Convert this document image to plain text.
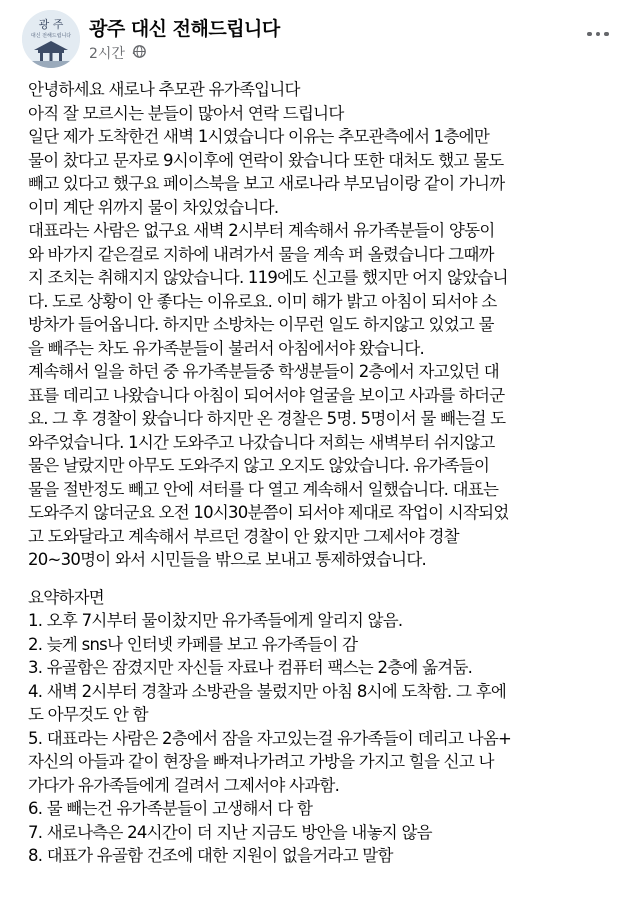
광 주
대신 전해드립니다 광주 대신 전해드립니다
2시간 ·
안녕하세요 새로나 추모관 유가족입니다
아직 잘 모르시는 분들이 많아서 연락 드립니다
일단 제가 도착한건 새벽 1시였습니다 이유는 추모관측에서 1층에만
물이 찼다고 문자로 9시이후에 연락이 왔습니다 또한 대처도 했고 물도
빼고 있다고 했구요 페이스북을 보고 새로나라 부모님이랑 같이 가니까
이미 계단 위까지 물이 차있었습니다.
대표라는 사람은 없구요 새벽 2시부터 계속해서 유가족분들이 양동이
와 바가지 같은걸로 지하에 내려가서 물을 계속 퍼 올렸습니다 그때까
지 조치는 취해지지 않았습니다. 119에도 신고를 했지만 어지 않았습니
다. 도로 상황이 안 좋다는 이유로요. 이미 해가 밝고 아침이 되서야 소
방차가 들어옵니다. 하지만 소방차는 이무런 일도 하지않고 있었고 물
을 빼주는 차도 유가족분들이 불러서 아침에서야 왔습니다.
계속해서 일을 하던 중 유가족분들중 학생분들이 2층에서 자고있던 대
표를 데리고 나왔습니다 아침이 되어서야 얼굴을 보이고 사과를 하더군
요. 그 후 경찰이 왔습니다 하지만 온 경찰은 5명. 5명이서 물 빼는걸 도
와주었습니다. 1시간 도와주고 나갔습니다 저희는 새벽부터 쉬지않고
물은 날랐지만 아무도 도와주지 않고 오지도 않았습니다. 유가족들이
물을 절반정도 빼고 안에 셔터를 다 열고 계속해서 일했습니다. 대표는
도와주지 않더군요 오전 10시30분쯤이 되서야 제대로 작업이 시작되었
고 도와달라고 계속해서 부르던 경찰이 안 왔지만 그제서야 경찰
20~30명이 와서 시민들을 밖으로 보내고 통제하였습니다.
요약하자면
1. 오후 7시부터 물이찼지만 유가족들에게 알리지 않음.
2. 늦게 sns나 인터넷 카페를 보고 유가족들이 감
3. 유골함은 잠겼지만 자신들 자료나 컴퓨터 팩스는 2층에 옮겨둠.
4. 새벽 2시부터 경찰과 소방관을 불렀지만 아침 8시에 도착함. 그 후에
도 아무것도 안 함
5. 대표라는 사람은 2층에서 잠을 자고있는걸 유가족들이 데리고 나옴+
자신의 아들과 같이 현장을 빠져나가려고 가방을 가지고 힐을 신고 나
가다가 유가족들에게 걸려서 그제서야 사과함.
6. 물 빼는건 유가족분들이 고생해서 다 함
7. 새로나측은 24시간이 더 지난 지금도 방안을 내놓지 않음
8. 대표가 유골함 건조에 대한 지원이 없을거라고 말함
